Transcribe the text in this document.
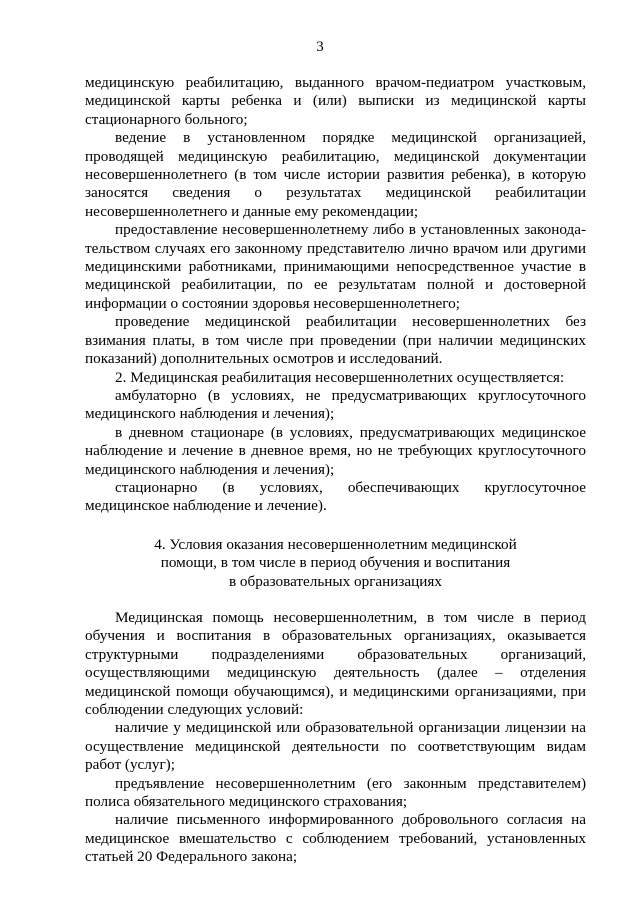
3

медицинскую реабилитацию, выданного врачом-педиатром участковым, медицинской карты ребенка и (или) выписки из медицинской карты стационарного больного;

ведение в установленном порядке медицинской организацией, проводящей медицинскую реабилитацию, медицинской документации несовершеннолетнего (в том числе истории развития ребенка), в которую заносятся сведения о результатах медицинской реабилитации несовершеннолетнего и данные ему рекомендации;

предоставление несовершеннолетнему либо в установленных законода-тельством случаях его законному представителю лично врачом или другими медицинскими работниками, принимающими непосредственное участие в медицинской реабилитации, по ее результатам полной и достоверной информации о состоянии здоровья несовершеннолетнего;

проведение медицинской реабилитации несовершеннолетних без взимания платы, в том числе при проведении (при наличии медицинских показаний) дополнительных осмотров и исследований.

2. Медицинская реабилитация несовершеннолетних осуществляется:

амбулаторно (в условиях, не предусматривающих круглосуточного медицинского наблюдения и лечения);

в дневном стационаре (в условиях, предусматривающих медицинское наблюдение и лечение в дневное время, но не требующих круглосуточного медицинского наблюдения и лечения);

стационарно (в условиях, обеспечивающих круглосуточное медицинское наблюдение и лечение).

4. Условия оказания несовершеннолетним медицинской
помощи, в том числе в период обучения и воспитания
в образовательных организациях

Медицинская помощь несовершеннолетним, в том числе в период обучения и воспитания в образовательных организациях, оказывается структурными подразделениями образовательных организаций, осуществляющими медицинскую деятельность (далее – отделения медицинской помощи обучающимся), и медицинскими организациями, при соблюдении следующих условий:

наличие у медицинской или образовательной организации лицензии на осуществление медицинской деятельности по соответствующим видам работ (услуг);

предъявление несовершеннолетним (его законным представителем) полиса обязательного медицинского страхования;

наличие письменного информированного добровольного согласия на медицинское вмешательство с соблюдением требований, установленных статьей 20 Федерального закона;
